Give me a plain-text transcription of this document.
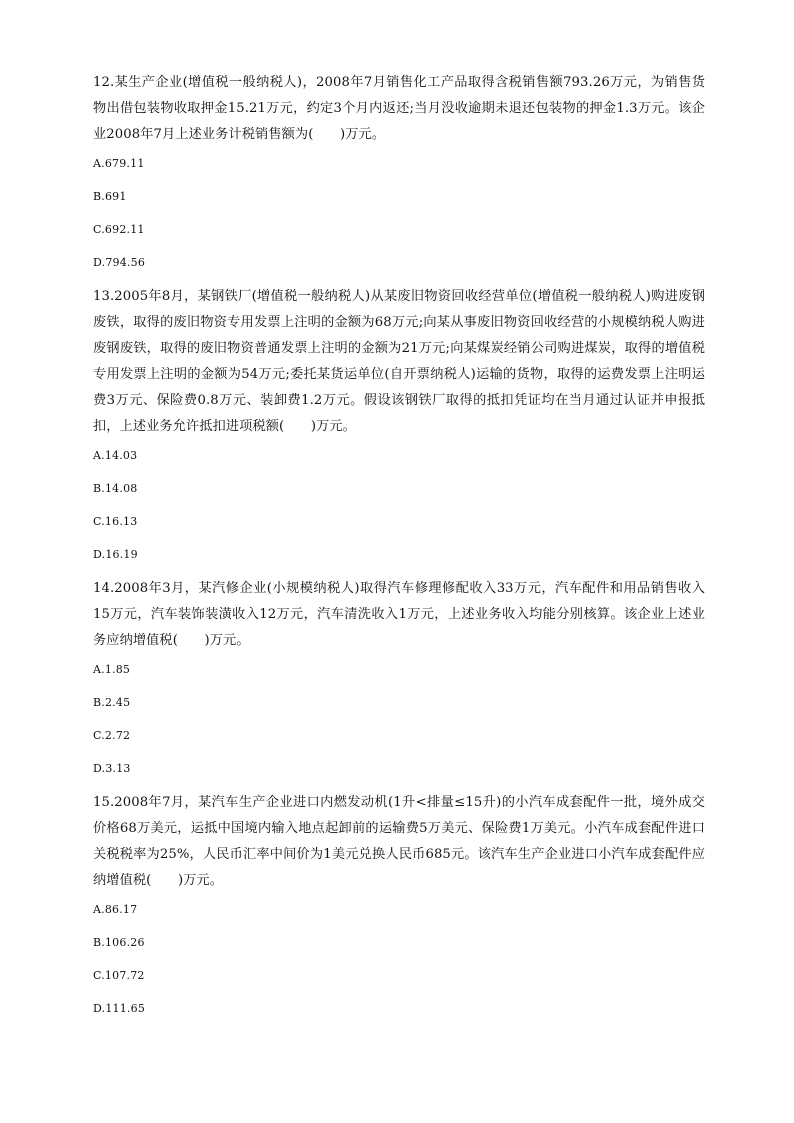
12.某生产企业(增值税一般纳税人)，2008年7月销售化工产品取得含税销售额793.26万元，为销售货物出借包装物收取押金15.21万元，约定3个月内返还;当月没收逾期未退还包装物的押金1.3万元。该企业2008年7月上述业务计税销售额为(　　)万元。

A.679.11
B.691
C.692.11
D.794.56

13.2005年8月，某钢铁厂(增值税一般纳税人)从某废旧物资回收经营单位(增值税一般纳税人)购进废钢废铁，取得的废旧物资专用发票上注明的金额为68万元;向某从事废旧物资回收经营的小规模纳税人购进废钢废铁，取得的废旧物资普通发票上注明的金额为21万元;向某煤炭经销公司购进煤炭，取得的增值税专用发票上注明的金额为54万元;委托某货运单位(自开票纳税人)运输的货物，取得的运费发票上注明运费3万元、保险费0.8万元、装卸费1.2万元。假设该钢铁厂取得的抵扣凭证均在当月通过认证并申报抵扣，上述业务允许抵扣进项税额(　　)万元。

A.14.03
B.14.08
C.16.13
D.16.19

14.2008年3月，某汽修企业(小规模纳税人)取得汽车修理修配收入33万元，汽车配件和用品销售收入15万元，汽车装饰装潢收入12万元，汽车清洗收入1万元，上述业务收入均能分别核算。该企业上述业务应纳增值税(　　)万元。

A.1.85
B.2.45
C.2.72
D.3.13

15.2008年7月，某汽车生产企业进口内燃发动机(1升<排量≤15升)的小汽车成套配件一批，境外成交价格68万美元，运抵中国境内输入地点起卸前的运输费5万美元、保险费1万美元。小汽车成套配件进口关税税率为25%，人民币汇率中间价为1美元兑换人民币685元。该汽车生产企业进口小汽车成套配件应纳增值税(　　)万元。

A.86.17
B.106.26
C.107.72
D.111.65
